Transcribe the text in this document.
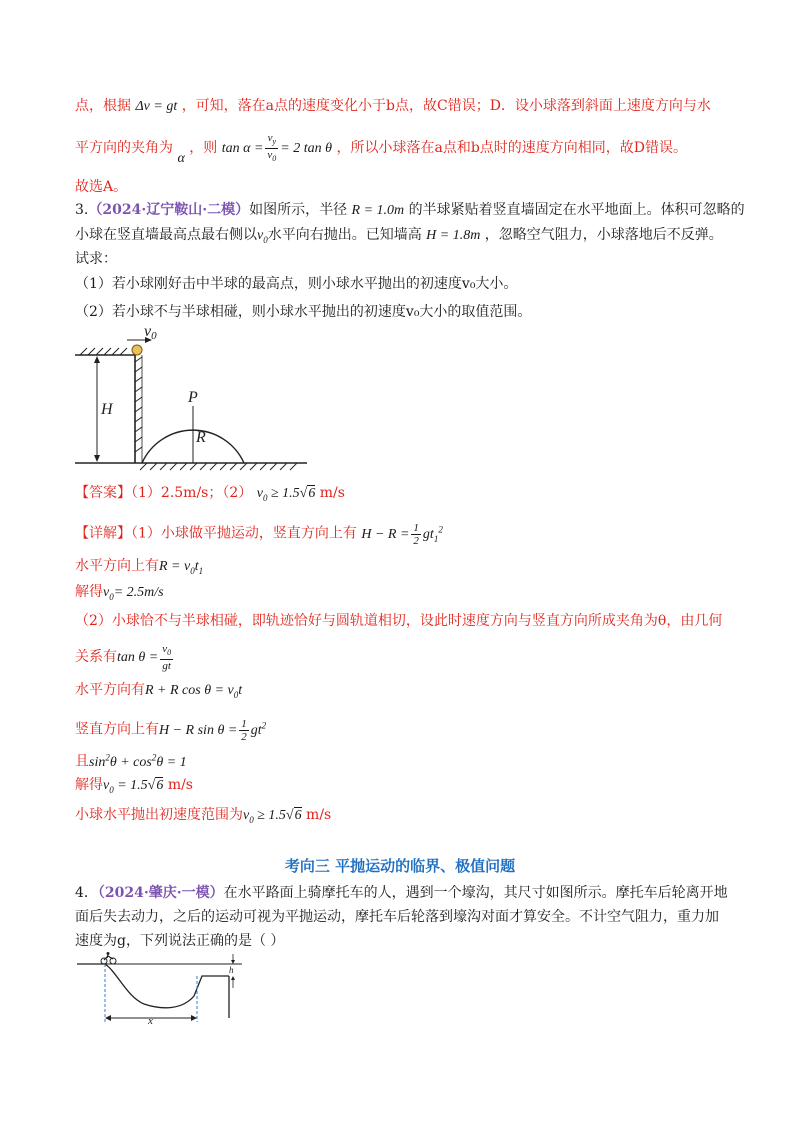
点，根据 Δv = gt ，可知，落在a点的速度变化小于b点，故C错误；D．设小球落到斜面上速度方向与水
平方向的夹角为 α ，则 $\tan \alpha = \frac{v_y}{v_0} = 2$ tan θ ，所以小球落在a点和b点时的速度方向相同，故D错误。
故选A。
3.（2024·辽宁鞍山·二模）如图所示，半径 R = 1.0m 的半球紧贴着竖直墙固定在水平地面上。体积可忽略的
小球在竖直墙最高点最右侧以$v_0$水平向右抛出。已知墙高 H = 1.8m ，忽略空气阻力，小球落地后不反弹。
试求：
（1）若小球刚好击中半球的最高点，则小球水平抛出的初速度v₀大小。
（2）若小球不与半球相碰，则小球水平抛出的初速度v₀大小的取值范围。
H
P
R
v0
【答案】（1）2.5m/s；（2） $v_0 \ge 1.5√6$ m/s
【详解】（1）小球做平抛运动，竖直方向上有 $H - R = \frac{1}{2} gt_1^2$
水平方向上有$R = v_0t_1$
解得$v_0= 2.5m/s$
（2）小球恰不与半球相碰，即轨迹恰好与圆轨道相切，设此时速度方向与竖直方向所成夹角为θ，由几何
关系有$\tan \theta = \frac{v_0}{gt}$
水平方向有R + R $\cos \theta = v_0t$
竖直方向上有H − R $\sin \theta = \frac{1}{2} gt^2$
且$\sin^2\theta + \cos^2\theta = 1$
解得$v_0 = 1.5√6$ m/s
小球水平抛出初速度范围为$v_0 \ge 1.5√6$ m/s
考向三 平抛运动的临界、极值问题
4．（2024·肇庆·一模）在水平路面上骑摩托车的人，遇到一个壕沟，其尺寸如图所示。摩托车后轮离开地
面后失去动力，之后的运动可视为平抛运动，摩托车后轮落到壕沟对面才算安全。不计空气阻力，重力加
速度为g，下列说法正确的是（ ）
x
h
